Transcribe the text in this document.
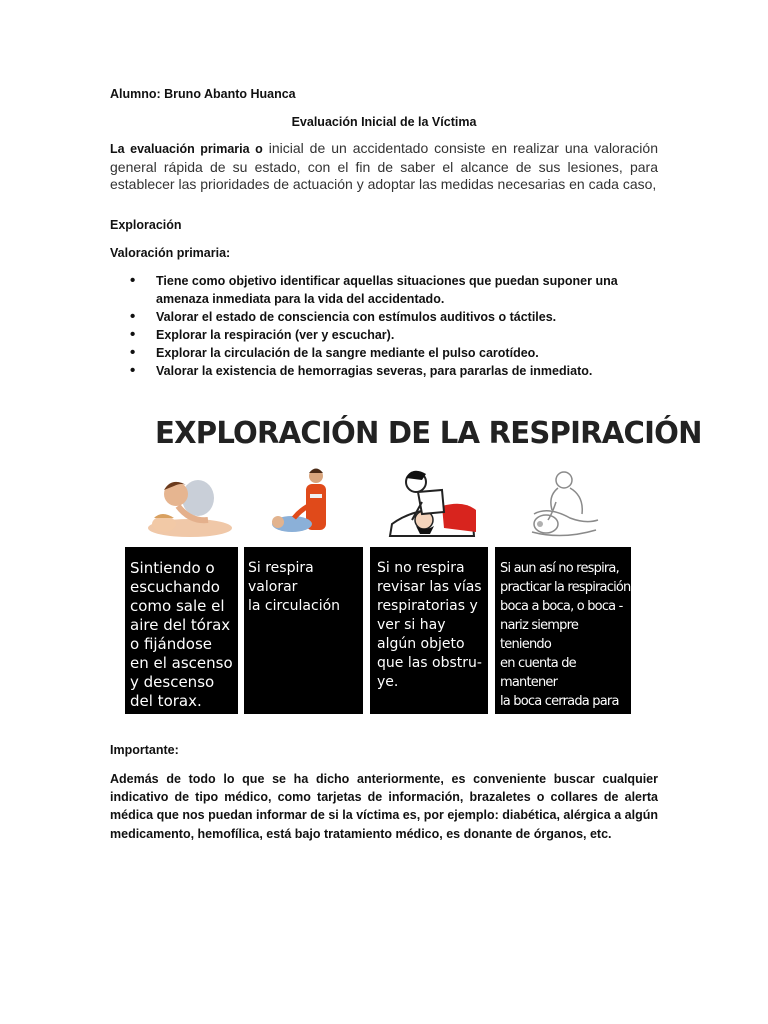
Alumno: Bruno Abanto Huanca
Evaluación Inicial de la Víctima

La evaluación primaria o inicial de un accidentado consiste en realizar una valoración general rápida de su estado, con el fin de saber el alcance de sus lesiones, para establecer las prioridades de actuación y adoptar las medidas necesarias en cada caso,

Exploración
Valoración primaria:
• Tiene como objetivo identificar aquellas situaciones que puedan suponer una amenaza inmediata para la vida del accidentado.
• Valorar el estado de consciencia con estímulos auditivos o táctiles.
• Explorar la respiración (ver y escuchar).
• Explorar la circulación de la sangre mediante el pulso carotídeo.
• Valorar la existencia de hemorragias severas, para pararlas de inmediato.
EXPLORACIÓN DE LA RESPIRACIÓN
Sintiendo o
escuchando
como sale el
aire del tórax
o fijándose
en el ascenso
y descenso
del torax.
Si respira valorar
la circulación
Si no respira
revisar las vías
respiratorias y
ver si hay
algún objeto
que las obstru-
ye.
Si aun así no respira,
practicar la respiración
boca a boca, o boca -
nariz siempre teniendo
en cuenta de mantener
la boca cerrada para
evitar la salida del aire
Importante:

Además de todo lo que se ha dicho anteriormente, es conveniente buscar cualquier indicativo de tipo médico, como tarjetas de información, brazaletes o collares de alerta médica que nos puedan informar de si la víctima es, por ejemplo: diabética, alérgica a algún medicamento, hemofílica, está bajo tratamiento médico, es donante de órganos, etc.
